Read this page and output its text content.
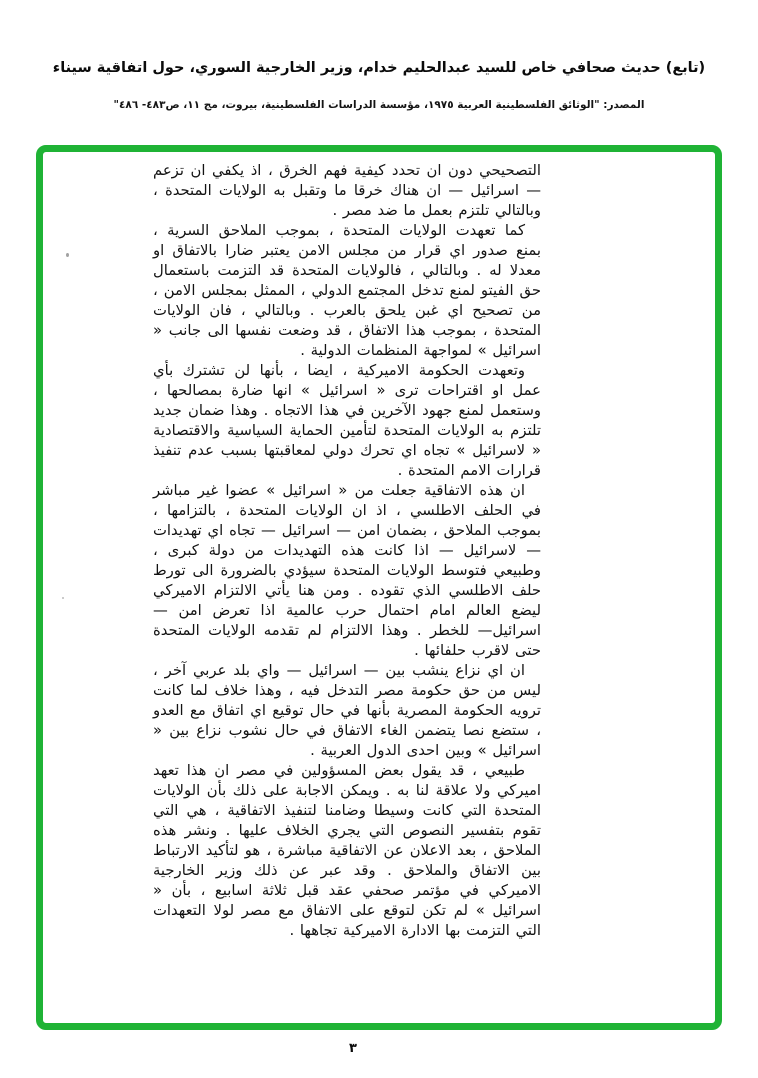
(تابع) حديث صحافي خاص للسيد عبدالحليم خدام، وزير الخارجية السوري، حول اتفاقية سيناء
المصدر: "الوثائق الفلسطينية العربية ١٩٧٥، مؤسسة الدراسات الفلسطينية، بيروت، مج ١١، ص٤٨٣- ٤٨٦"

التصحيحي دون ان تحدد كيفية فهم الخرق ، اذ يكفي ان تزعم — اسرائيل — ان هناك خرقا ما وتقبل به الولايات المتحدة ، وبالتالي تلتزم بعمل ما ضد مصر .

كما تعهدت الولايات المتحدة ، بموجب الملاحق السرية ، بمنع صدور اي قرار من مجلس الامن يعتبر ضارا بالاتفاق او معدلا له . وبالتالي ، فالولايات المتحدة قد التزمت باستعمال حق الفيتو لمنع تدخل المجتمع الدولي ، الممثل بمجلس الامن ، من تصحيح اي غبن يلحق بالعرب . وبالتالي ، فان الولايات المتحدة ، بموجب هذا الاتفاق ، قد وضعت نفسها الى جانب « اسرائيل » لمواجهة المنظمات الدولية .

وتعهدت الحكومة الاميركية ، ايضا ، بأنها لن تشترك بأي عمل او اقتراحات ترى « اسرائيل » انها ضارة بمصالحها ، وستعمل لمنع جهود الآخرين في هذا الاتجاه . وهذا ضمان جديد تلتزم به الولايات المتحدة لتأمين الحماية السياسية والاقتصادية « لاسرائيل » تجاه اي تحرك دولي لمعاقبتها بسبب عدم تنفيذ قرارات الامم المتحدة .

ان هذه الاتفاقية جعلت من « اسرائيل » عضوا غير مباشر في الحلف الاطلسي ، اذ ان الولايات المتحدة ، بالتزامها ، بموجب الملاحق ، بضمان امن — اسرائيل — تجاه اي تهديدات — لاسرائيل — اذا كانت هذه التهديدات من دولة كبرى ، وطبيعي فتوسط الولايات المتحدة سيؤدي بالضرورة الى تورط حلف الاطلسي الذي تقوده . ومن هنا يأتي الالتزام الاميركي ليضع العالم امام احتمال حرب عالمية اذا تعرض امن —اسرائيل— للخطر . وهذا الالتزام لم تقدمه الولايات المتحدة حتى لاقرب حلفائها .

ان اي نزاع ينشب بين — اسرائيل — واي بلد عربي آخر ، ليس من حق حكومة مصر التدخل فيه ، وهذا خلاف لما كانت ترويه الحكومة المصرية بأنها في حال توقيع اي اتفاق مع العدو ، ستضع نصا يتضمن الغاء الاتفاق في حال نشوب نزاع بين « اسرائيل » وبين احدى الدول العربية .

طبيعي ، قد يقول بعض المسؤولين في مصر ان هذا تعهد اميركي ولا علاقة لنا به . ويمكن الاجابة على ذلك بأن الولايات المتحدة التي كانت وسيطا وضامنا لتنفيذ الاتفاقية ، هي التي تقوم بتفسير النصوص التي يجري الخلاف عليها . ونشر هذه الملاحق ، بعد الاعلان عن الاتفاقية مباشرة ، هو لتأكيد الارتباط بين الاتفاق والملاحق . وقد عبر عن ذلك وزير الخارجية الاميركي في مؤتمر صحفي عقد قبل ثلاثة اسابيع ، بأن « اسرائيل » لم تكن لتوقع على الاتفاق مع مصر لولا التعهدات التي التزمت بها الادارة الاميركية تجاهها .

٣
